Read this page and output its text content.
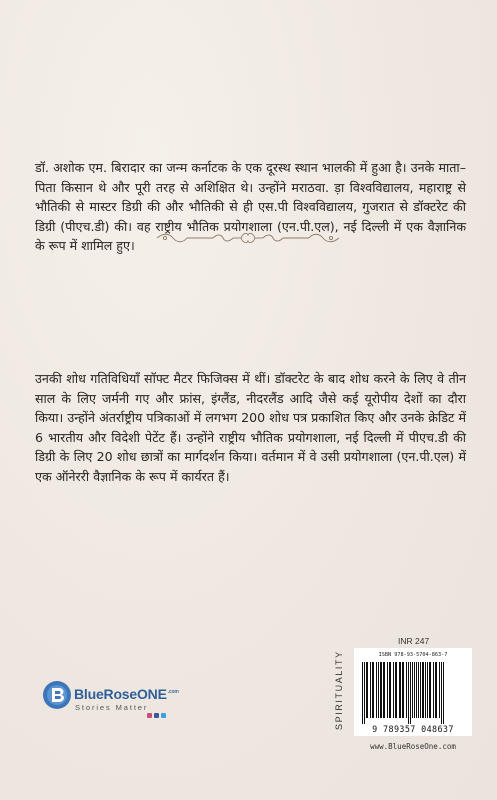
डॉ. अशोक एम. बिरादार का जन्म कर्नाटक के एक दूरस्थ स्थान भालकी में हुआ है। उनके माता–पिता किसान थे और पूरी तरह से अशिक्षित थे। उन्होंने मराठवा. ड़ा विश्वविद्यालय, महाराष्ट्र से भौतिकी से मास्टर डिग्री की और भौतिकी से ही एस.पी विश्वविद्यालय, गुजरात से डॉक्टरेट की डिग्री (पीएच.डी) की। वह राष्ट्रीय भौतिक प्रयोगशाला (एन.पी.एल), नई दिल्ली में एक वैज्ञानिक के रूप में शामिल हुए।

उनकी शोध गतिविधियाँ सॉफ्ट मैटर फिजिक्स में थीं। डॉक्टरेट के बाद शोध करने के लिए वे तीन साल के लिए जर्मनी गए और फ्रांस, इंग्लैंड, नीदरलैंड आदि जैसे कई यूरोपीय देशों का दौरा किया। उन्होंने अंतर्राष्ट्रीय पत्रिकाओं में लगभग 200 शोध पत्र प्रकाशित किए और उनके क्रेडिट में 6 भारतीय और विदेशी पेटेंट हैं। उन्होंने राष्ट्रीय भौतिक प्रयोगशाला, नई दिल्ली में पीएच.डी की डिग्री के लिए 20 शोध छात्रों का मार्गदर्शन किया। वर्तमान में वे उसी प्रयोगशाला (एन.पी.एल) में एक ऑनेररी वैज्ञानिक के रूप में कार्यरत हैं।

INR 247
SPIRITUALITY	ISBN 978-93-5704-863-7
9 789357 048637
www.BlueRoseOne.com
BlueRoseONE$^{.com}$
Stories Matter
